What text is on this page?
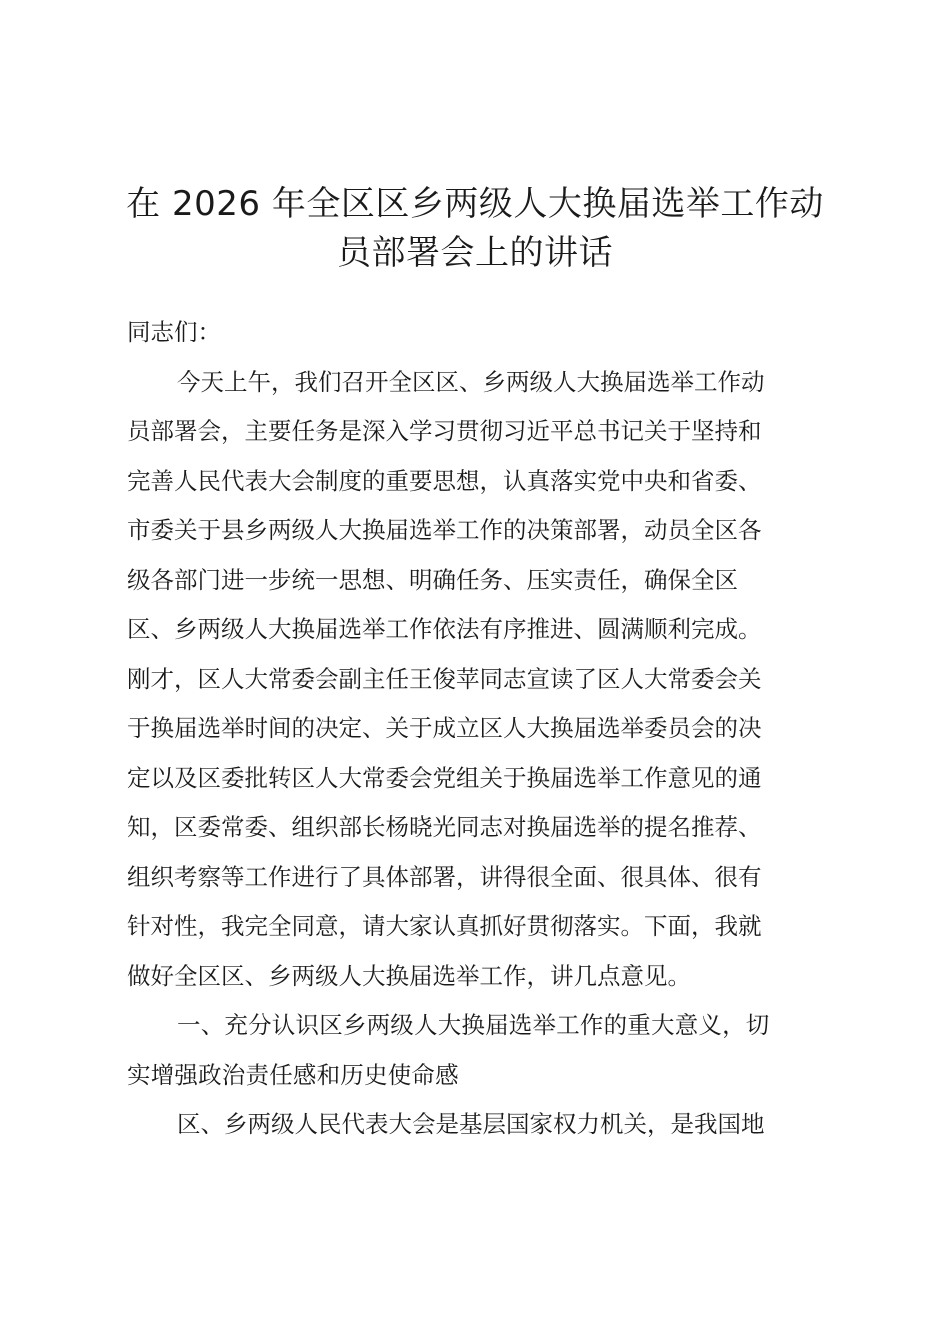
在 2026 年全区区乡两级人大换届选举工作动
员部署会上的讲话
同志们：
今天上午，我们召开全区区、乡两级人大换届选举工作动
员部署会，主要任务是深入学习贯彻习近平总书记关于坚持和
完善人民代表大会制度的重要思想，认真落实党中央和省委、
市委关于县乡两级人大换届选举工作的决策部署，动员全区各
级各部门进一步统一思想、明确任务、压实责任，确保全区
区、乡两级人大换届选举工作依法有序推进、圆满顺利完成。
刚才，区人大常委会副主任王俊苹同志宣读了区人大常委会关
于换届选举时间的决定、关于成立区人大换届选举委员会的决
定以及区委批转区人大常委会党组关于换届选举工作意见的通
知，区委常委、组织部长杨晓光同志对换届选举的提名推荐、
组织考察等工作进行了具体部署，讲得很全面、很具体、很有
针对性，我完全同意，请大家认真抓好贯彻落实。下面，我就
做好全区区、乡两级人大换届选举工作，讲几点意见。
一、充分认识区乡两级人大换届选举工作的重大意义，切
实增强政治责任感和历史使命感
区、乡两级人民代表大会是基层国家权力机关，是我国地
